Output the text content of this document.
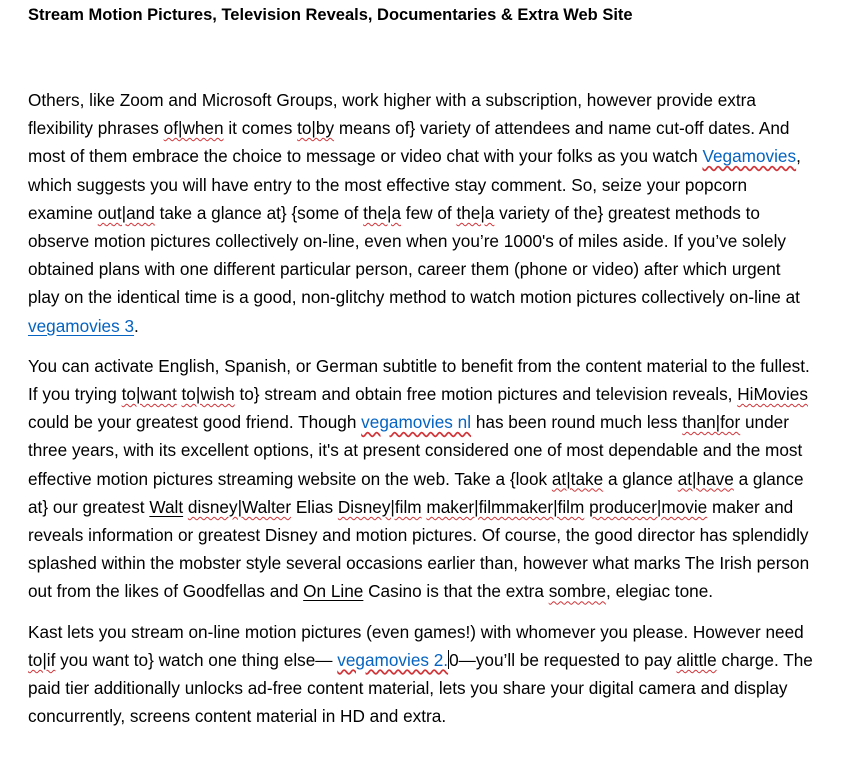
Stream Motion Pictures, Television Reveals, Documentaries & Extra Web Site

Others, like Zoom and Microsoft Groups, work higher with a subscription, however provide extra flexibility phrases of|when it comes to|by means of} variety of attendees and name cut-off dates. And most of them embrace the choice to message or video chat with your folks as you watch Vegamovies, which suggests you will have entry to the most effective stay comment. So, seize your popcorn examine out|and take a glance at} {some of the|a few of the|a variety of the} greatest methods to observe motion pictures collectively on-line, even when you’re 1000's of miles aside. If you’ve solely obtained plans with one different particular person, career them (phone or video) after which urgent play on the identical time is a good, non-glitchy method to watch motion pictures collectively on-line at vegamovies 3.

You can activate English, Spanish, or German subtitle to benefit from the content material to the fullest. If you trying to|want to|wish to} stream and obtain free motion pictures and television reveals, HiMovies could be your greatest good friend. Though vegamovies nl has been round much less than|for under three years, with its excellent options, it's at present considered one of most dependable and the most effective motion pictures streaming website on the web. Take a {look at|take a glance at|have a glance at} our greatest Walt disney|Walter Elias Disney|film maker|filmmaker|film producer|movie maker and reveals information or greatest Disney and motion pictures. Of course, the good director has splendidly splashed within the mobster style several occasions earlier than, however what marks The Irish person out from the likes of Goodfellas and On Line Casino is that the extra sombre, elegiac tone.

Kast lets you stream on-line motion pictures (even games!) with whomever you please. However need to|if you want to} watch one thing else— vegamovies 2.0—you’ll be requested to pay alittle charge. The paid tier additionally unlocks ad-free content material, lets you share your digital camera and display concurrently, screens content material in HD and extra.
